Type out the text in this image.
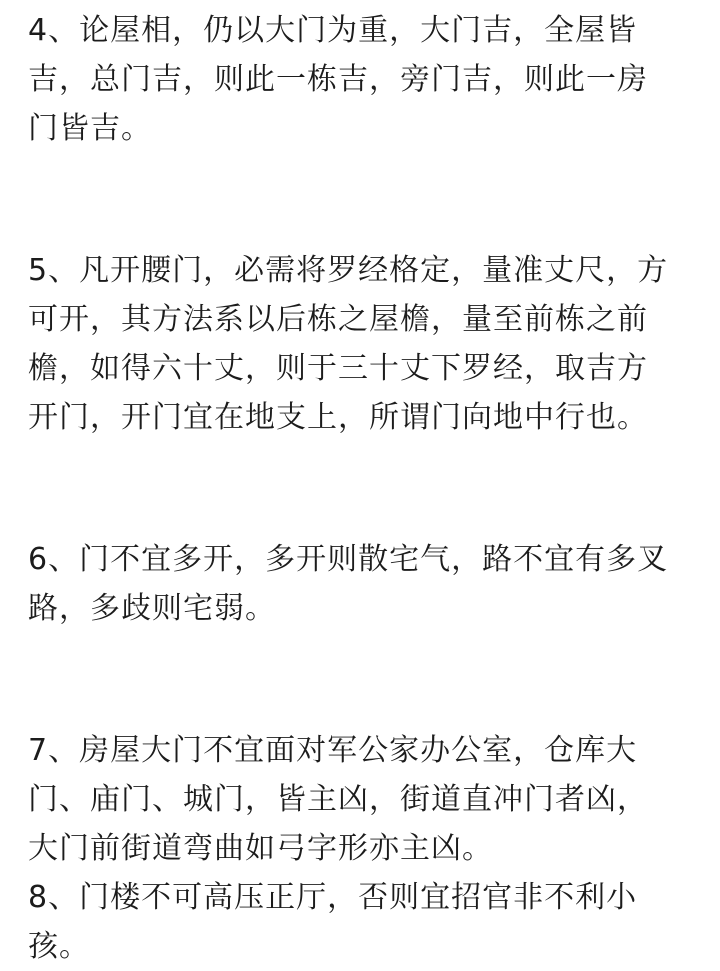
4、论屋相，仍以大门为重，大门吉，全屋皆
吉，总门吉，则此一栋吉，旁门吉，则此一房
门皆吉。
5、凡开腰门，必需将罗经格定，量准丈尺，方
可开，其方法系以后栋之屋檐，量至前栋之前
檐，如得六十丈，则于三十丈下罗经，取吉方
开门，开门宜在地支上，所谓门向地中行也。
6、门不宜多开，多开则散宅气，路不宜有多叉
路，多歧则宅弱。
7、房屋大门不宜面对军公家办公室，仓库大
门、庙门、城门，皆主凶，街道直冲门者凶，
大门前街道弯曲如弓字形亦主凶。
8、门楼不可高压正厅，否则宜招官非不利小
孩。
